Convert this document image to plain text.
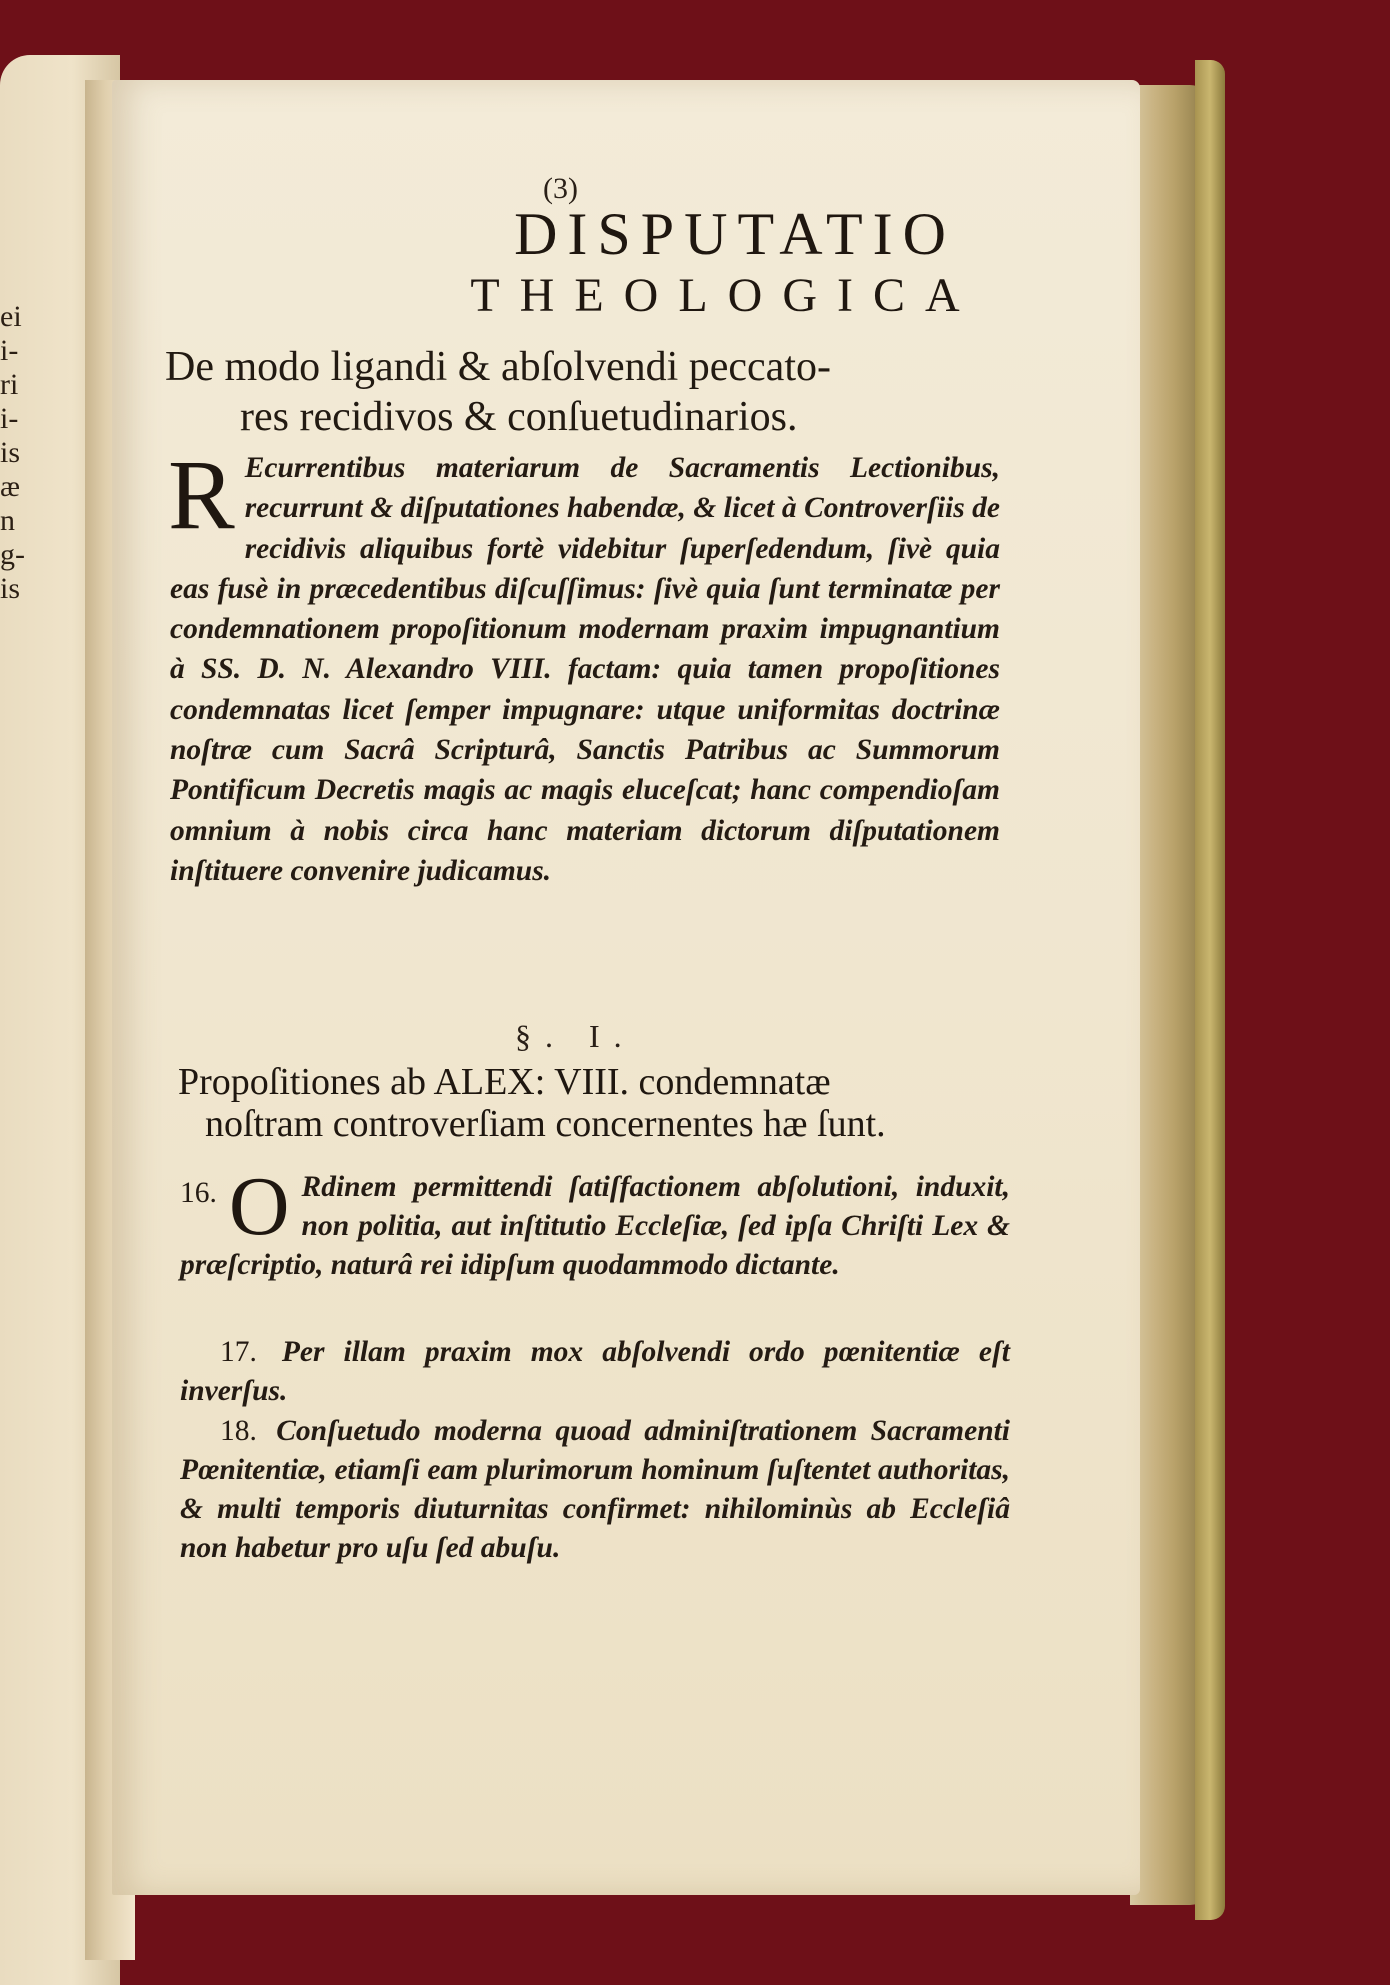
ei
i-
ri
i-
is
æ
n
g-
is
(3)
DISPUTATIO
THEOLOGICA
De modo ligandi & abſolvendi peccato-
res recidivos & conſuetudinarios.
R Ecurrentibus materiarum de Sacramentis Lectionibus, recurrunt & diſputationes habendæ, & licet à Controverſiis de recidivis aliquibus fortè videbitur ſuperſedendum, ſivè quia eas fusè in præcedentibus diſcuſſimus: ſivè quia ſunt terminatæ per condemnationem propoſitionum modernam praxim impugnantium à SS. D. N. Alexandro VIII. factam: quia tamen propoſitiones condemnatas licet ſemper impugnare: utque uniformitas doctrinæ noſtræ cum Sacrâ Scripturâ, Sanctis Patribus ac Summorum Pontificum Decretis magis ac magis eluceſcat; hanc compendioſam omnium à nobis circa hanc materiam dictorum diſputationem inſtituere convenire judicamus.
§. I.
Propoſitiones ab ALEX: VIII. condemnatæ
noſtram controverſiam concernentes hæ ſunt.
16. O Rdinem permittendi ſatiſfactionem abſolutioni, induxit, non politia, aut inſtitutio Eccleſiæ, ſed ipſa Chriſti Lex & præſcriptio, naturâ rei idipſum quodammodo dictante.
17. Per illam praxim mox abſolvendi ordo pœnitentiæ eſt inverſus.
18. Conſuetudo moderna quoad adminiſtrationem Sacramenti Pœnitentiæ, etiamſi eam plurimorum hominum ſuſtentet authoritas, & multi temporis diuturnitas confirmet: nihilominùs ab Eccleſiâ non habetur pro uſu ſed abuſu.
